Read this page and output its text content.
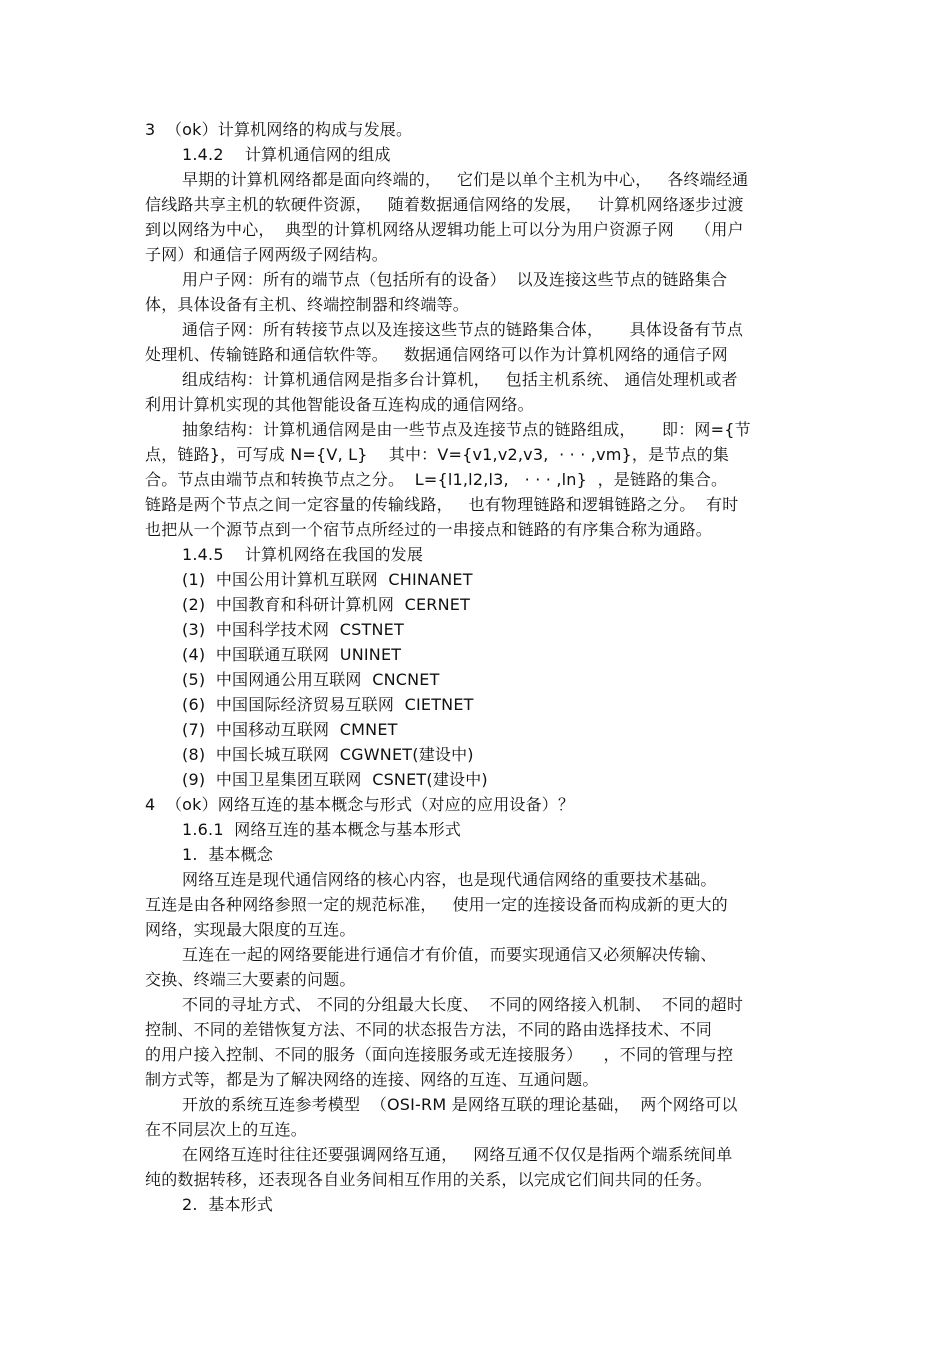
3  （ok）计算机网络的构成与发展。
1.4.2    计算机通信网的组成
早期的计算机网络都是面向终端的，   它们是以单个主机为中心，   各终端经通
信线路共享主机的软硬件资源，   随着数据通信网络的发展，   计算机网络逐步过渡
到以网络为中心，  典型的计算机网络从逻辑功能上可以分为用户资源子网    （用户
子网）和通信子网两级子网结构。
用户子网：所有的端节点（包括所有的设备）  以及连接这些节点的链路集合
体，具体设备有主机、终端控制器和终端等。
通信子网：所有转接节点以及连接这些节点的链路集合体，     具体设备有节点
处理机、传输链路和通信软件等。   数据通信网络可以作为计算机网络的通信子网
组成结构：计算机通信网是指多台计算机，   包括主机系统、 通信处理机或者
利用计算机实现的其他智能设备互连构成的通信网络。
抽象结构：计算机通信网是由一些节点及连接节点的链路组成，     即：网={节
点，链路}，可写成 N={V, L}    其中：V={v1,v2,v3,  · · · ,vm}，是节点的集
合。节点由端节点和转换节点之分。  L={l1,l2,l3,   · · · ,ln}  ，是链路的集合。
链路是两个节点之间一定容量的传输线路，   也有物理链路和逻辑链路之分。  有时
也把从一个源节点到一个宿节点所经过的一串接点和链路的有序集合称为通路。
1.4.5    计算机网络在我国的发展
(1)  中国公用计算机互联网  CHINANET
(2)  中国教育和科研计算机网  CERNET
(3)  中国科学技术网  CSTNET
(4)  中国联通互联网  UNINET
(5)  中国网通公用互联网  CNCNET
(6)  中国国际经济贸易互联网  CIETNET
(7)  中国移动互联网  CMNET
(8)  中国长城互联网  CGWNET(建设中)
(9)  中国卫星集团互联网  CSNET(建设中)
4  （ok）网络互连的基本概念与形式（对应的应用设备）？
1.6.1  网络互连的基本概念与基本形式
1.  基本概念
网络互连是现代通信网络的核心内容，也是现代通信网络的重要技术基础。
互连是由各种网络参照一定的规范标准，   使用一定的连接设备而构成新的更大的
网络，实现最大限度的互连。
互连在一起的网络要能进行通信才有价值，而要实现通信又必须解决传输、
交换、终端三大要素的问题。
不同的寻址方式、 不同的分组最大长度、  不同的网络接入机制、  不同的超时
控制、不同的差错恢复方法、不同的状态报告方法，不同的路由选择技术、不同
的用户接入控制、不同的服务（面向连接服务或无连接服务）    ，不同的管理与控
制方式等，都是为了解决网络的连接、网络的互连、互通问题。
开放的系统互连参考模型  （OSI-RM 是网络互联的理论基础，  两个网络可以
在不同层次上的互连。
在网络互连时往往还要强调网络互通，   网络互通不仅仅是指两个端系统间单
纯的数据转移，还表现各自业务间相互作用的关系，以完成它们间共同的任务。
2.  基本形式
